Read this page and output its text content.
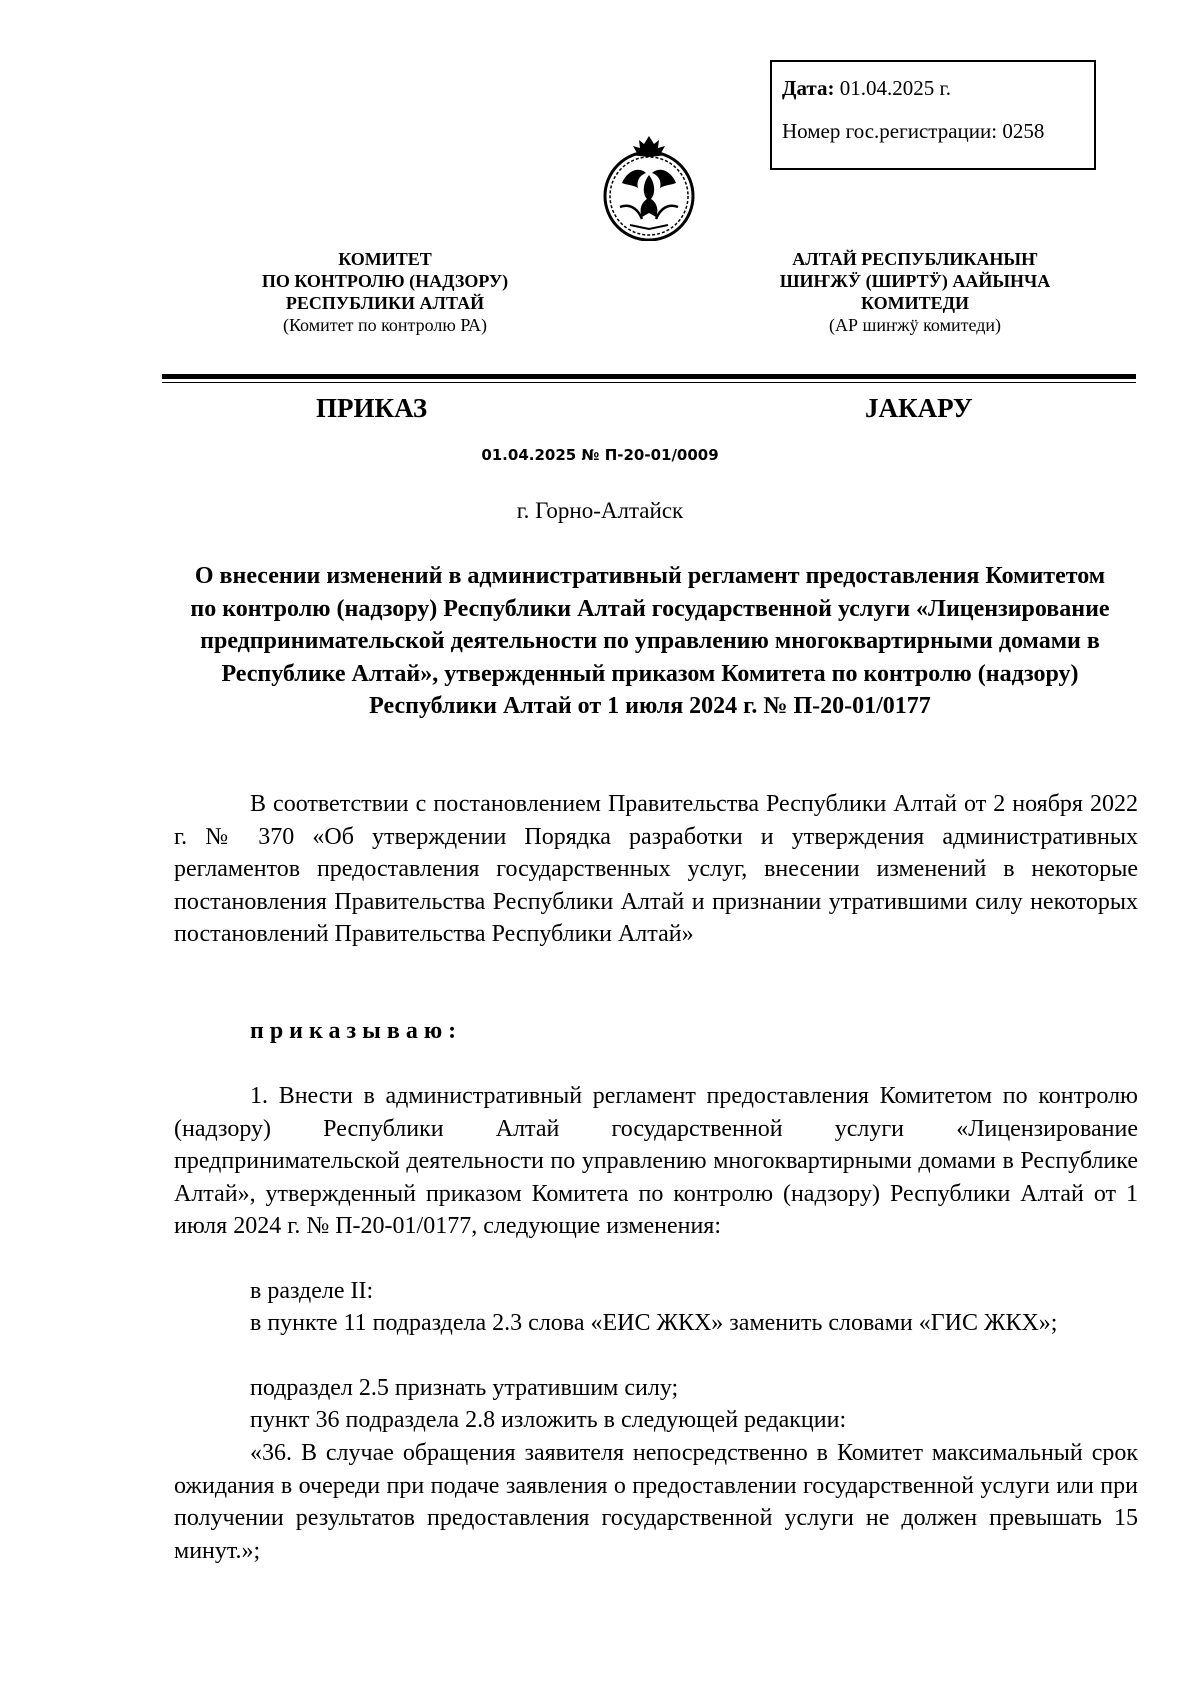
Дата: 01.04.2025 г.
Номер гос.регистрации: 0258
КОМИТЕТ
ПО КОНТРОЛЮ (НАДЗОРУ)
РЕСПУБЛИКИ АЛТАЙ
(Комитет по контролю РА)
АЛТАЙ РЕСПУБЛИКАНЫҤ
ШИҤЖӰ (ШИРТӰ) ААЙЫНЧА
КОМИТЕДИ
(АР шиҥжӱ комитеди)
ПРИКАЗ	JАКАРУ
01.04.2025 № П-20-01/0009
г. Горно-Алтайск
О внесении изменений в административный регламент предоставления Комитетом по контролю (надзору) Республики Алтай государственной услуги «Лицензирование предпринимательской деятельности по управлению многоквартирными домами в Республике Алтай», утвержденный приказом Комитета по контролю (надзору) Республики Алтай от 1 июля 2024 г. № П-20-01/0177
В соответствии с постановлением Правительства Республики Алтай от 2 ноября 2022 г. № 370 «Об утверждении Порядка разработки и утверждения административных регламентов предоставления государственных услуг, внесении изменений в некоторые постановления Правительства Республики Алтай и признании утратившими силу некоторых постановлений Правительства Республики Алтай»
приказываю:
1. Внести в административный регламент предоставления Комитетом по контролю (надзору) Республики Алтай государственной услуги «Лицензирование предпринимательской деятельности по управлению многоквартирными домами в Республике Алтай», утвержденный приказом Комитета по контролю (надзору) Республики Алтай от 1 июля 2024 г. № П-20-01/0177, следующие изменения:
в разделе II:
в пункте 11 подраздела 2.3 слова «ЕИС ЖКХ» заменить словами «ГИС ЖКХ»;
подраздел 2.5 признать утратившим силу;
пункт 36 подраздела 2.8 изложить в следующей редакции:
«36. В случае обращения заявителя непосредственно в Комитет максимальный срок ожидания в очереди при подаче заявления о предоставлении государственной услуги или при получении результатов предоставления государственной услуги не должен превышать 15 минут.»;
